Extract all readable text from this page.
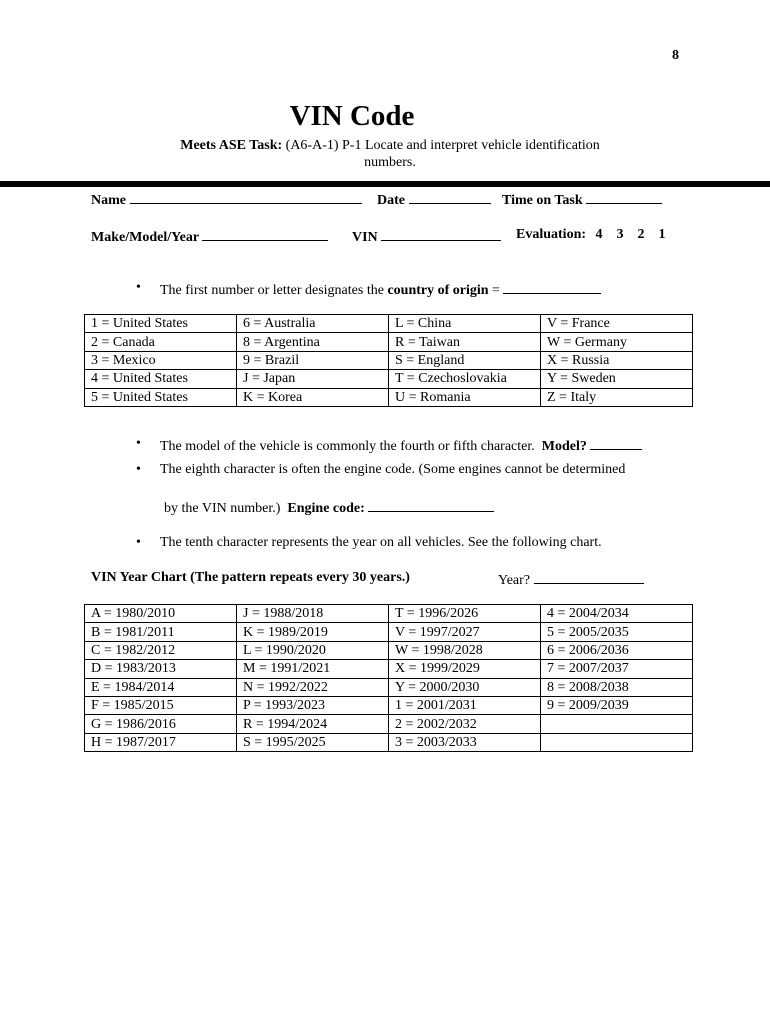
8
VIN Code
Meets ASE Task: (A6-A-1) P-1 Locate and interpret vehicle identification
numbers.
Name	Date	Time on Task
Make/Model/Year	VIN	Evaluation: 4    3    2    1
• The first number or letter designates the country of origin =
1 = United States	6 = Australia	L = China	V = France
2 = Canada	8 = Argentina	R = Taiwan	W = Germany
3 = Mexico	9 = Brazil	S = England	X = Russia
4 = United States	J = Japan	T = Czechoslovakia	Y = Sweden
5 = United States	K = Korea	U = Romania	Z = Italy
• The model of the vehicle is commonly the fourth or fifth character.  Model?
• The eighth character is often the engine code. (Some engines cannot be determined
by the VIN number.)  Engine code:
• The tenth character represents the year on all vehicles. See the following chart.
VIN Year Chart (The pattern repeats every 30 years.)	Year?
A = 1980/2010	J = 1988/2018	T = 1996/2026	4 = 2004/2034
B = 1981/2011	K = 1989/2019	V = 1997/2027	5 = 2005/2035
C = 1982/2012	L = 1990/2020	W = 1998/2028	6 = 2006/2036
D = 1983/2013	M = 1991/2021	X = 1999/2029	7 = 2007/2037
E = 1984/2014	N = 1992/2022	Y = 2000/2030	8 = 2008/2038
F = 1985/2015	P = 1993/2023	1 = 2001/2031	9 = 2009/2039
G = 1986/2016	R = 1994/2024	2 = 2002/2032	
H = 1987/2017	S = 1995/2025	3 = 2003/2033	
